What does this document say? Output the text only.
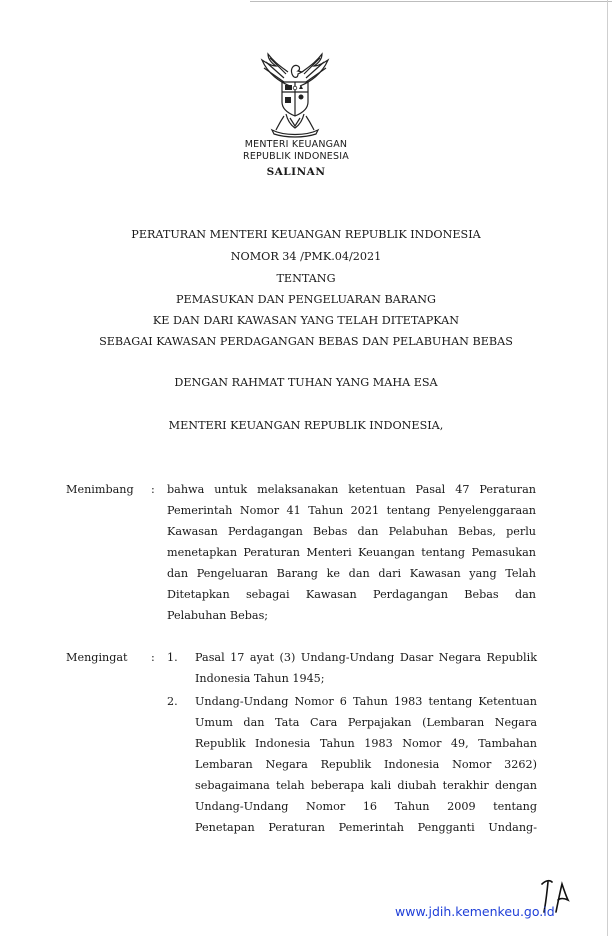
MENTERI KEUANGAN
REPUBLIK INDONESIA
SALINAN
PERATURAN MENTERI KEUANGAN REPUBLIK INDONESIA
NOMOR 34 /PMK.04/2021
TENTANG
PEMASUKAN DAN PENGELUARAN BARANG
KE DAN DARI KAWASAN YANG TELAH DITETAPKAN
SEBAGAI KAWASAN PERDAGANGAN BEBAS DAN PELABUHAN BEBAS
DENGAN RAHMAT TUHAN YANG MAHA ESA
MENTERI KEUANGAN REPUBLIK INDONESIA,
Menimbang : bahwa untuk melaksanakan ketentuan Pasal 47 Peraturan
Pemerintah Nomor 41 Tahun 2021 tentang Penyelenggaraan
Kawasan Perdagangan Bebas dan Pelabuhan Bebas, perlu
menetapkan Peraturan Menteri Keuangan tentang Pemasukan
dan Pengeluaran Barang ke dan dari Kawasan yang Telah
Ditetapkan sebagai Kawasan Perdagangan Bebas dan
Pelabuhan Bebas;
Mengingat : 1. Pasal 17 ayat (3) Undang-Undang Dasar Negara Republik
Indonesia Tahun 1945;
2. Undang-Undang Nomor 6 Tahun 1983 tentang Ketentuan
Umum dan Tata Cara Perpajakan (Lembaran Negara
Republik Indonesia Tahun 1983 Nomor 49, Tambahan
Lembaran Negara Republik Indonesia Nomor 3262)
sebagaimana telah beberapa kali diubah terakhir dengan
Undang-Undang Nomor 16 Tahun 2009 tentang
Penetapan Peraturan Pemerintah Pengganti Undang-
www.jdih.kemenkeu.go.id
